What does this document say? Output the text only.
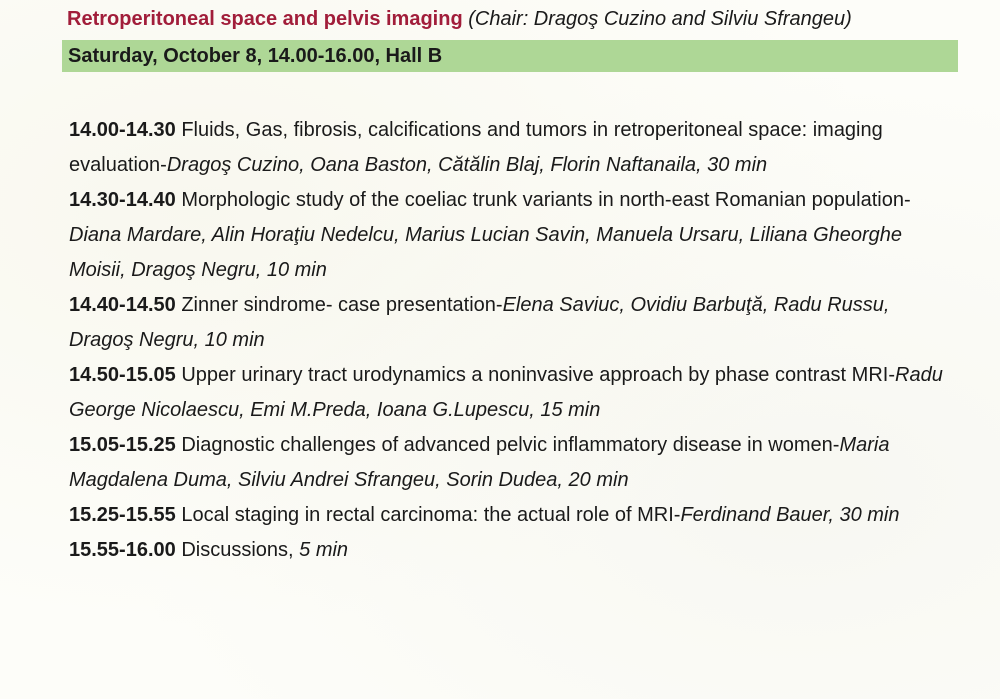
Retroperitoneal space and pelvis imaging (Chair: Dragoş Cuzino and Silviu Sfrangeu)
Saturday, October 8, 14.00-16.00, Hall B

14.00-14.30 Fluids, Gas, fibrosis, calcifications and tumors in retroperitoneal space: imaging evaluation-Dragoş Cuzino, Oana Baston, Cătălin Blaj, Florin Naftanaila, 30 min

14.30-14.40 Morphologic study of the coeliac trunk variants in north-east Romanian population-Diana Mardare, Alin Horaţiu Nedelcu, Marius Lucian Savin, Manuela Ursaru, Liliana Gheorghe Moisii, Dragoş Negru, 10 min

14.40-14.50 Zinner sindrome- case presentation-Elena Saviuc, Ovidiu Barbuţă, Radu Russu, Dragoş Negru, 10 min

14.50-15.05 Upper urinary tract urodynamics a noninvasive approach by phase contrast MRI-Radu George Nicolaescu, Emi M.Preda, Ioana G.Lupescu, 15 min

15.05-15.25 Diagnostic challenges of advanced pelvic inflammatory disease in women-Maria Magdalena Duma, Silviu Andrei Sfrangeu, Sorin Dudea, 20 min

15.25-15.55 Local staging in rectal carcinoma: the actual role of MRI-Ferdinand Bauer, 30 min

15.55-16.00 Discussions, 5 min
